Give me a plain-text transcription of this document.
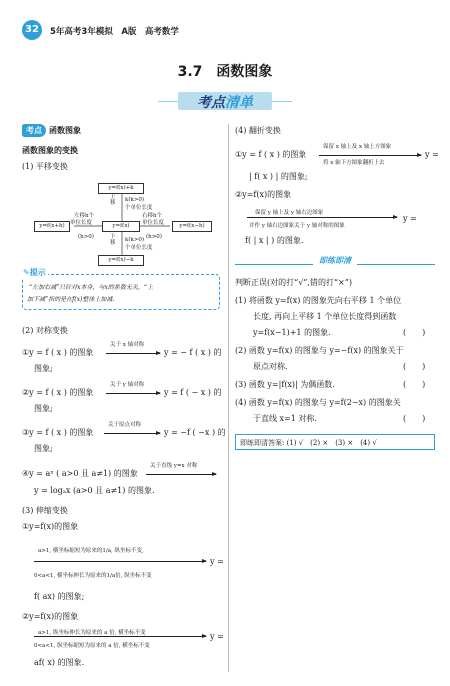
32	5年高考3年模拟　A版　高考数学
3.7 函数图象
考点清单
考点 函数图象
函数图象的变换
(1) 平移变换
y=f(x)+k
y=f(x)
y=f(x+h)	y=f(x−h)
y=f(x)−k
上移	k(k>0)
个单位长度
左移h个
单位长度
(h>0)
右移h个
单位长度
(h>0)
下移	k(k>0)
个单位长度
✎提示
“左加右减”只针对x本身，与x的系数无关，“上
加下减”指的是在f(x)整体上加减.
(2) 对称变换
①y = f ( x ) 的图象
关于 x 轴对称
y = − f ( x ) 的
图象;
②y = f ( x ) 的图象
关于 y 轴对称
y = f ( − x ) 的
图象;
③y = f ( x ) 的图象
关于原点对称
y = −f ( −x ) 的
图象;
④y = aˣ ( a>0 且 a≠1) 的图象
关于直线 y=x 对称
y = logₐx (a>0 且 a≠1) 的图象.
(3) 伸缩变换
①y=f(x)的图象
a>1, 横坐标缩短为原来的1/a, 纵坐标不变,
y =
0<a<1, 横坐标伸长为原来的1/a倍, 纵坐标不变
f( ax) 的图象;
②y=f(x)的图象
a>1, 纵坐标伸长为原来的 a 倍, 横坐标不变	y =
0<a<1, 纵坐标缩短为原来的 a 倍, 横坐标不变
af( x) 的图象.
(4) 翻折变换
①y = f ( x ) 的图象
保留 x 轴上及 x 轴上方图象
将 x 轴下方图象翻折上去
y =
| f( x ) | 的图象;
②y=f(x)的图象
保留 y 轴上及 y 轴右边图象
并作 y 轴右边图象关于 y 轴对称的图象
y =
f( | x | ) 的图象.
即练即清
判断正误(对的打“√”,错的打“×”)
(1) 将函数 y=f(x) 的图象先向右平移 1 个单位
长度, 再向上平移 1 个单位长度得到函数
y=f(x−1)+1 的图象.	(　　)
(2) 函数 y=f(x) 的图象与 y=−f(x) 的图象关于
原点对称.	(　　)
(3) 函数 y=|f(x)| 为偶函数.	(　　)
(4) 函数 y=f(x) 的图象与 y=f(2−x) 的图象关
于直线 x=1 对称.	(　　)
即练即清答案: (1) √　(2) ×　(3) ×　(4) √
